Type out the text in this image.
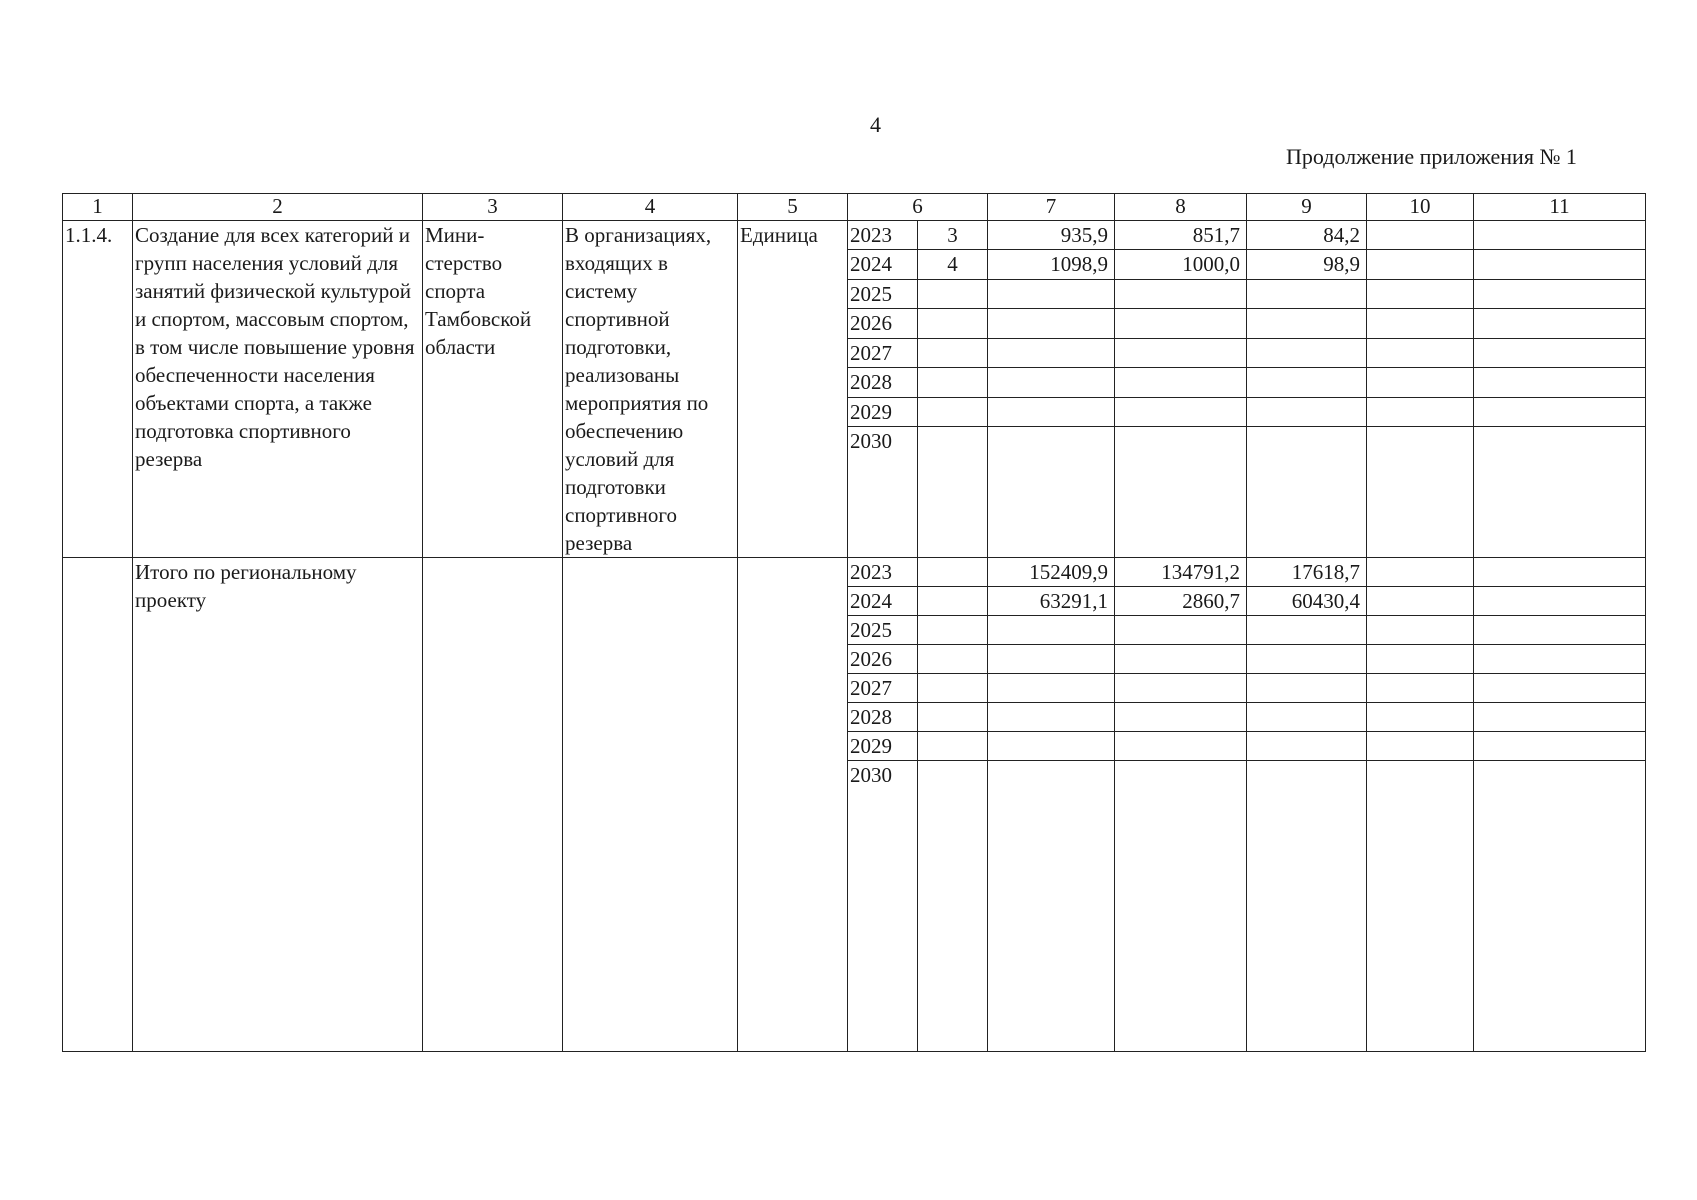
4
Продолжение приложения № 1
1	2	3	4	5	6		7	8	9	10	11
1.1.4.	Создание для всех категорий и групп населения условий для занятий физической культурой и спортом, массовым спортом, в том числе повышение уровня обеспеченности населения объектами спорта, а также подготовка спортивного резерва	Мини- стерство спорта Тамбовской области	В организациях, входящих в систему спортивной подготовки, реализованы мероприятия по обеспечению условий для подготовки спортивного резерва	Единица	2023	3	935,9	851,7	84,2		
					2024	4	1098,9	1000,0	98,9		
					2025						
					2026						
					2027						
					2028						
					2029						
					2030						
	Итого по региональному проекту				2023		152409,9	134791,2	17618,7		
					2024		63291,1	2860,7	60430,4		
					2025						
					2026						
					2027						
					2028						
					2029						
					2030						
